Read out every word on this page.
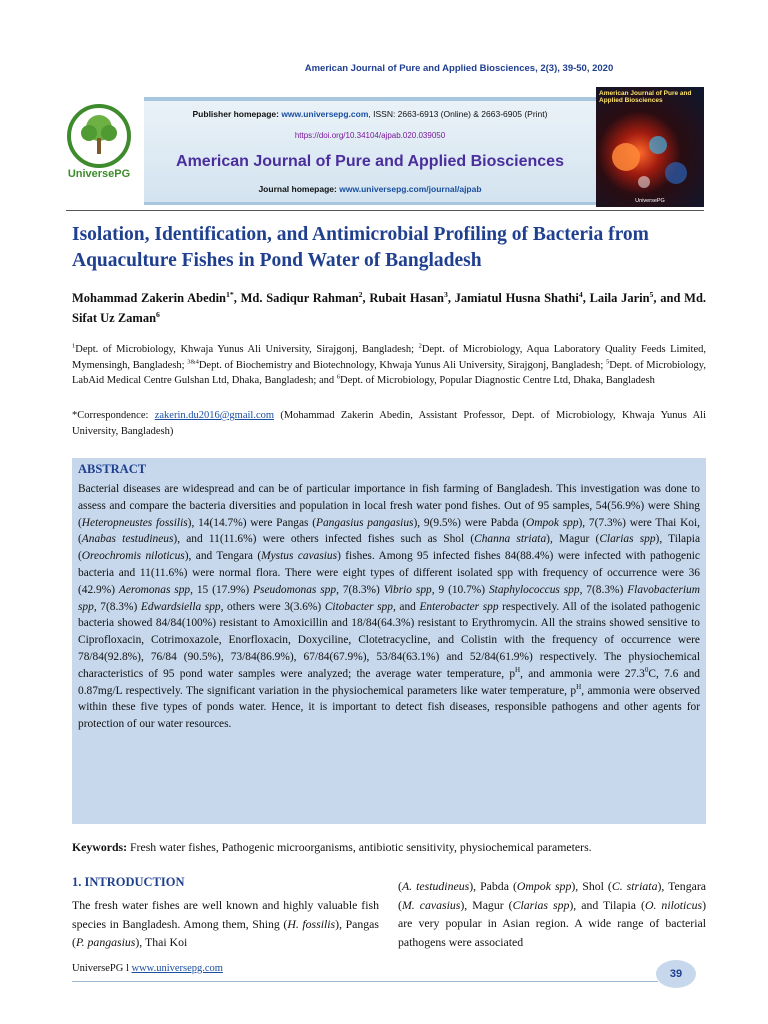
American Journal of Pure and Applied Biosciences, 2(3), 39-50, 2020
UniversePG
Publisher homepage: www.universepg.com, ISSN: 2663-6913 (Online) & 2663-6905 (Print)
https://doi.org/10.34104/ajpab.020.039050
American Journal of Pure and Applied Biosciences
Journal homepage: www.universepg.com/journal/ajpab
American Journal of Pure and Applied Biosciences
UniversePG
Isolation, Identification, and Antimicrobial Profiling of Bacteria from Aquaculture Fishes in Pond Water of Bangladesh
Mohammad Zakerin Abedin$^{1*}$, Md. Sadiqur Rahman$^2$, Rubait Hasan$^3$, Jamiatul Husna Shathi$^4$, Laila Jarin$^5$, and Md. Sifat Uz Zaman$^6$
$^1$Dept. of Microbiology, Khwaja Yunus Ali University, Sirajgonj, Bangladesh; $^2$Dept. of Microbiology, Aqua Laboratory Quality Feeds Limited, Mymensingh, Bangladesh; $^{3\&4}$Dept. of Biochemistry and Biotechnology, Khwaja Yunus Ali University, Sirajgonj, Bangladesh; $^5$Dept. of Microbiology, LabAid Medical Centre Gulshan Ltd, Dhaka, Bangladesh; and $^6$Dept. of Microbiology, Popular Diagnostic Centre Ltd, Dhaka, Bangladesh
*Correspondence: zakerin.du2016@gmail.com (Mohammad Zakerin Abedin, Assistant Professor, Dept. of Microbiology, Khwaja Yunus Ali University, Bangladesh)
ABSTRACT
Bacterial diseases are widespread and can be of particular importance in fish farming of Bangladesh. This investigation was done to assess and compare the bacteria diversities and population in local fresh water pond fishes. Out of 95 samples, 54(56.9%) were Shing (Heteropneustes fossilis), 14(14.7%) were Pangas (Pangasius pangasius), 9(9.5%) were Pabda (Ompok spp), 7(7.3%) were Thai Koi, (Anabas testudineus), and 11(11.6%) were others infected fishes such as Shol (Channa striata), Magur (Clarias spp), Tilapia (Oreochromis niloticus), and Tengara (Mystus cavasius) fishes. Among 95 infected fishes 84(88.4%) were infected with pathogenic bacteria and 11(11.6%) were normal flora. There were eight types of different isolated spp with frequency of occurrence were 36 (42.9%) Aeromonas spp, 15 (17.9%) Pseudomonas spp, 7(8.3%) Vibrio spp, 9 (10.7%) Staphylococcus spp, 7(8.3%) Flavobacterium spp, 7(8.3%) Edwardsiella spp, others were 3(3.6%) Citobacter spp, and Enterobacter spp respectively. All of the isolated pathogenic bacteria showed 84/84(100%) resistant to Amoxicillin and 18/84(64.3%) resistant to Erythromycin. All the strains showed sensitive to Ciprofloxacin, Cotrimoxazole, Enorfloxacin, Doxyciline, Clotetracycline, and Colistin with the frequency of occurrence were 78/84(92.8%), 76/84 (90.5%), 73/84(86.9%), 67/84(67.9%), 53/84(63.1%) and 52/84(61.9%) respectively. The physiochemical characteristics of 95 pond water samples were analyzed; the average water temperature, $p^H$, and ammonia were 27.3$^0$C, 7.6 and 0.87mg/L respectively. The significant variation in the physiochemical parameters like water temperature, $p^H$, ammonia were observed within these five types of ponds water. Hence, it is important to detect fish diseases, responsible pathogens and other agents for protection of our water resources.
Keywords: Fresh water fishes, Pathogenic microorganisms, antibiotic sensitivity, physiochemical parameters.
1. INTRODUCTION

The fresh water fishes are well known and highly valuable fish species in Bangladesh. Among them, Shing (H. fossilis), Pangas (P. pangasius), Thai Koi

(A. testudineus), Pabda (Ompok spp), Shol (C. striata), Tengara (M. cavasius), Magur (Clarias spp), and Tilapia (O. niloticus) are very popular in Asian region. A wide range of bacterial pathogens were associated
UniversePG l www.universepg.com	39
